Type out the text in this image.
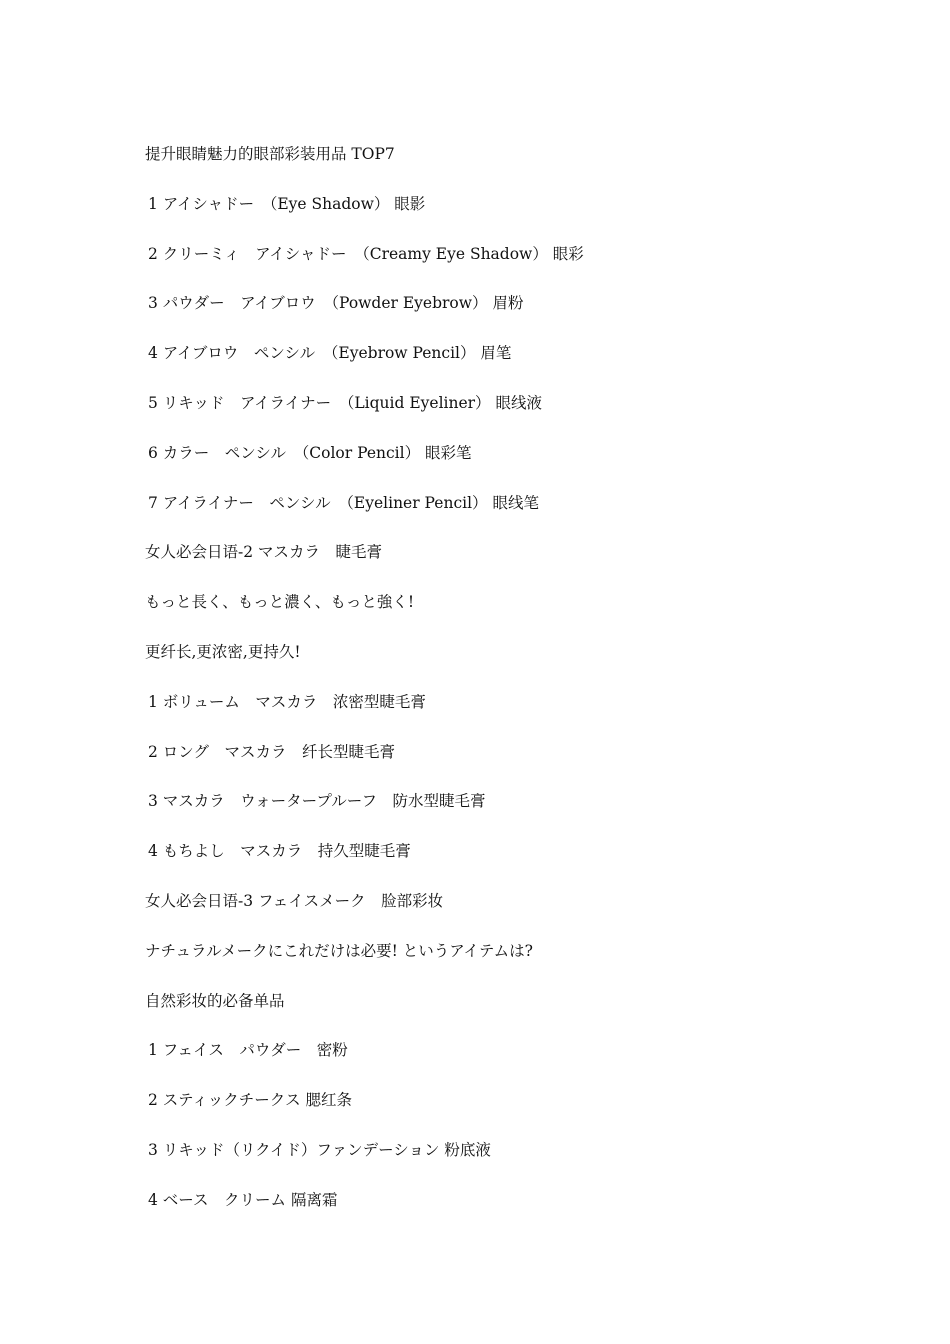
提升眼睛魅力的眼部彩装用品 TOP7
1 アイシャドー　（Eye Shadow） 眼影
2 クリーミィ　アイシャドー　（Creamy Eye Shadow） 眼彩
3 パウダー　アイブロウ　（Powder Eyebrow） 眉粉
4 アイブロウ　ペンシル　（Eyebrow Pencil） 眉笔
5 リキッド　アイライナー　（Liquid Eyeliner） 眼线液
6 カラー　ペンシル　（Color Pencil） 眼彩笔
7 アイライナー　ペンシル　（Eyeliner Pencil） 眼线笔
女人必会日语-2 マスカラ　睫毛膏
もっと長く、もっと濃く、もっと強く!
更纤长,更浓密,更持久!
1 ボリューム　マスカラ　浓密型睫毛膏
2 ロング　マスカラ　纤长型睫毛膏
3 マスカラ　ウォータープルーフ　防水型睫毛膏
4 もちよし　マスカラ　持久型睫毛膏
女人必会日语-3 フェイスメーク　脸部彩妆
ナチュラルメークにこれだけは必要! というアイテムは?
自然彩妆的必备单品
1 フェイス　パウダー　密粉
2 スティックチークス 腮红条
3 リキッド（リクイド）ファンデーション 粉底液
4 ベース　クリーム 隔离霜
